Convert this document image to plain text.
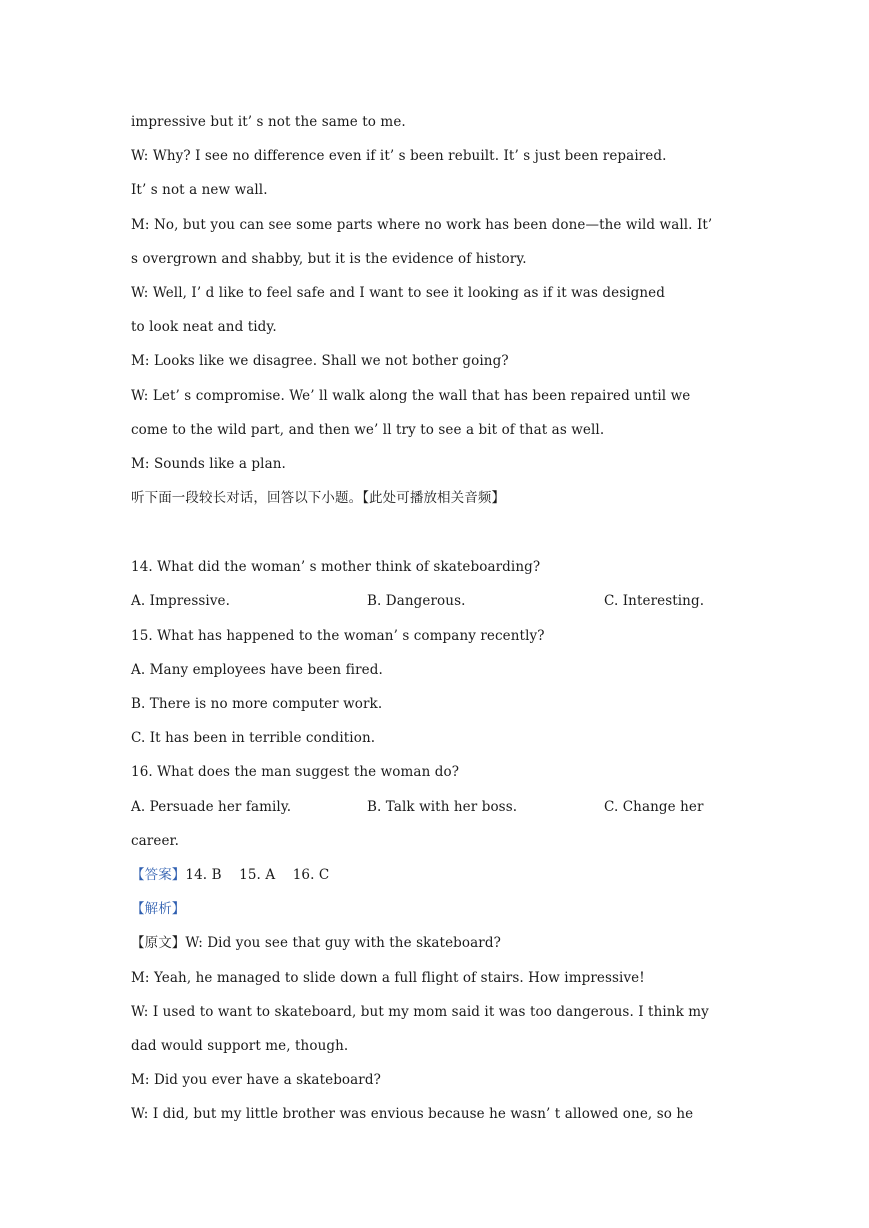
impressive but it’ s not the same to me.
W: Why? I see no difference even if it’ s been rebuilt. It’ s just been repaired.
It’ s not a new wall.
M: No, but you can see some parts where no work has been done—the wild wall. It’
s overgrown and shabby, but it is the evidence of history.
W: Well, I’ d like to feel safe and I want to see it looking as if it was designed
to look neat and tidy.
M: Looks like we disagree. Shall we not bother going?
W: Let’ s compromise. We’ ll walk along the wall that has been repaired until we
come to the wild part, and then we’ ll try to see a bit of that as well.
M: Sounds like a plan.
听下面一段较长对话，回答以下小题。【此处可播放相关音频】
14. What did the woman’ s mother think of skateboarding?
A. Impressive.	B. Dangerous.	C. Interesting.
15. What has happened to the woman’ s company recently?
A. Many employees have been fired.
B. There is no more computer work.
C. It has been in terrible condition.
16. What does the man suggest the woman do?
A. Persuade her family.	B. Talk with her boss.	C. Change her
career.
【答案】14. B    15. A    16. C
【解析】
【原文】W: Did you see that guy with the skateboard?
M: Yeah, he managed to slide down a full flight of stairs. How impressive!
W: I used to want to skateboard, but my mom said it was too dangerous. I think my
dad would support me, though.
M: Did you ever have a skateboard?
W: I did, but my little brother was envious because he wasn’ t allowed one, so he
